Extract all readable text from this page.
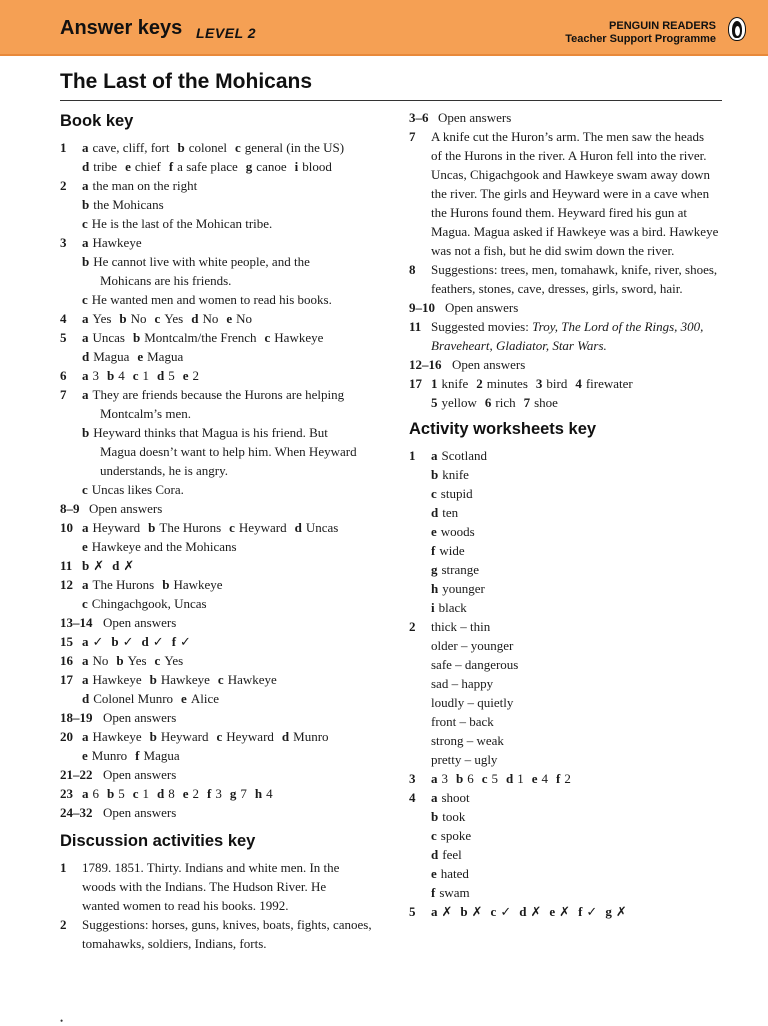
Answer keys LEVEL 2	PENGUIN READERS
Teacher Support Programme
The Last of the Mohicans
Book key
1 a cave, cliff, fort b colonel c general (in the US)
d tribe e chief f a safe place g canoe i blood
2 a the man on the right
b the Mohicans
c He is the last of the Mohican tribe.
3 a Hawkeye
b He cannot live with white people, and the
Mohicans are his friends.
c He wanted men and women to read his books.
4 a Yes b No c Yes d No e No
5 a Uncas b Montcalm/the French c Hawkeye
d Magua e Magua
6 a 3 b 4 c 1 d 5 e 2
7 a They are friends because the Hurons are helping
Montcalm’s men.
b Heyward thinks that Magua is his friend. But
Magua doesn’t want to help him. When Heyward
understands, he is angry.
c Uncas likes Cora.
8–9 Open answers
10 a Heyward b The Hurons c Heyward d Uncas
e Hawkeye and the Mohicans
11 b ✗ d ✗
12 a The Hurons b Hawkeye
c Chingachgook, Uncas
13–14 Open answers
15 a ✓ b ✓ d ✓ f ✓
16 a No b Yes c Yes
17 a Hawkeye b Hawkeye c Hawkeye
d Colonel Munro e Alice
18–19 Open answers
20 a Hawkeye b Heyward c Heyward d Munro
e Munro f Magua
21–22 Open answers
23 a 6 b 5 c 1 d 8 e 2 f 3 g 7 h 4
24–32 Open answers
Discussion activities key
1 1789. 1851. Thirty. Indians and white men. In the
woods with the Indians. The Hudson River. He
wanted women to read his books. 1992.
2 Suggestions: horses, guns, knives, boats, fights, canoes,
tomahawks, soldiers, Indians, forts.
3–6 Open answers
7 A knife cut the Huron’s arm. The men saw the heads
of the Hurons in the river. A Huron fell into the river.
Uncas, Chigachgook and Hawkeye swam away down
the river. The girls and Heyward were in a cave when
the Hurons found them. Heyward fired his gun at
Magua. Magua asked if Hawkeye was a bird. Hawkeye
was not a fish, but he did swim down the river.
8 Suggestions: trees, men, tomahawk, knife, river, shoes,
feathers, stones, cave, dresses, girls, sword, hair.
9–10 Open answers
11 Suggested movies: Troy, The Lord of the Rings, 300,
Braveheart, Gladiator, Star Wars.
12–16 Open answers
17 1 knife 2 minutes 3 bird 4 firewater
5 yellow 6 rich 7 shoe
Activity worksheets key
1 a Scotland
b knife
c stupid
d ten
e woods
f wide
g strange
h younger
i black
2 thick – thin
older – younger
safe – dangerous
sad – happy
loudly – quietly
front – back
strong – weak
pretty – ugly
3 a 3 b 6 c 5 d 1 e 4 f 2
4 a shoot
b took
c spoke
d feel
e hated
f swam
5 a ✗ b ✗ c ✓ d ✗ e ✗ f ✓ g ✗
•
